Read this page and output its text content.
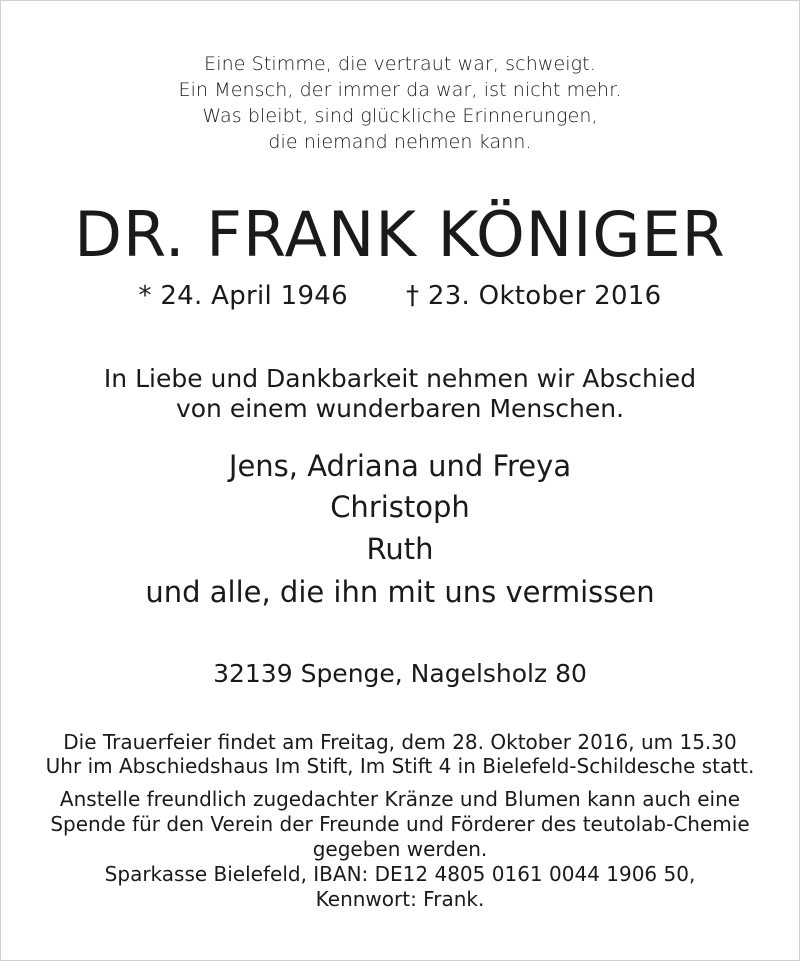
Eine Stimme, die vertraut war, schweigt.
Ein Mensch, der immer da war, ist nicht mehr.
Was bleibt, sind glückliche Erinnerungen,
die niemand nehmen kann.
DR. FRANK KÖNIGER
* 24. April 1946 † 23. Oktober 2016
In Liebe und Dankbarkeit nehmen wir Abschied
von einem wunderbaren Menschen.
Jens, Adriana und Freya
Christoph
Ruth
und alle, die ihn mit uns vermissen
32139 Spenge, Nagelsholz 80
Die Trauerfeier findet am Freitag, dem 28. Oktober 2016, um 15.30
Uhr im Abschiedshaus Im Stift, Im Stift 4 in Bielefeld-Schildesche statt.
Anstelle freundlich zugedachter Kränze und Blumen kann auch eine
Spende für den Verein der Freunde und Förderer des teutolab-Chemie
gegeben werden.
Sparkasse Bielefeld, IBAN: DE12 4805 0161 0044 1906 50,
Kennwort: Frank.
